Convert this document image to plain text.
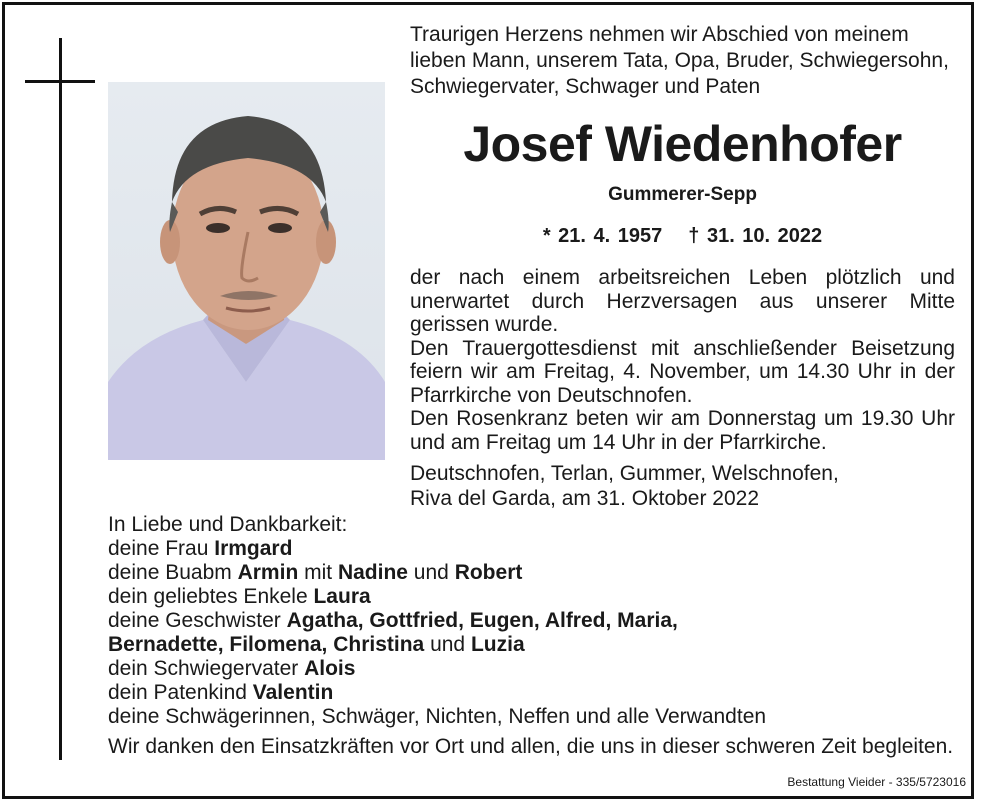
Traurigen Herzens nehmen wir Abschied von meinem lieben Mann, unserem Tata, Opa, Bruder, Schwiegersohn, Schwiegervater, Schwager und Paten
Josef Wiedenhofer
Gummerer-Sepp
* 21. 4. 1957 † 31. 10. 2022

der nach einem arbeitsreichen Leben plötzlich und unerwartet durch Herzversagen aus unserer Mitte gerissen wurde.

Den Trauergottesdienst mit anschließender Beisetzung feiern wir am Freitag, 4. November, um 14.30 Uhr in der Pfarrkirche von Deutschnofen.

Den Rosenkranz beten wir am Donnerstag um 19.30 Uhr und am Freitag um 14 Uhr in der Pfarrkirche.

Deutschnofen, Terlan, Gummer, Welschnofen,

Riva del Garda, am 31. Oktober 2022

In Liebe und Dankbarkeit:

deine Frau Irmgard

deine Buabm Armin mit Nadine und Robert

dein geliebtes Enkele Laura

deine Geschwister Agatha, Gottfried, Eugen, Alfred, Maria,

Bernadette, Filomena, Christina und Luzia

dein Schwiegervater Alois

dein Patenkind Valentin

deine Schwägerinnen, Schwäger, Nichten, Neffen und alle Verwandten

Wir danken den Einsatzkräften vor Ort und allen, die uns in dieser schweren Zeit begleiten.
Bestattung Vieider - 335/5723016
